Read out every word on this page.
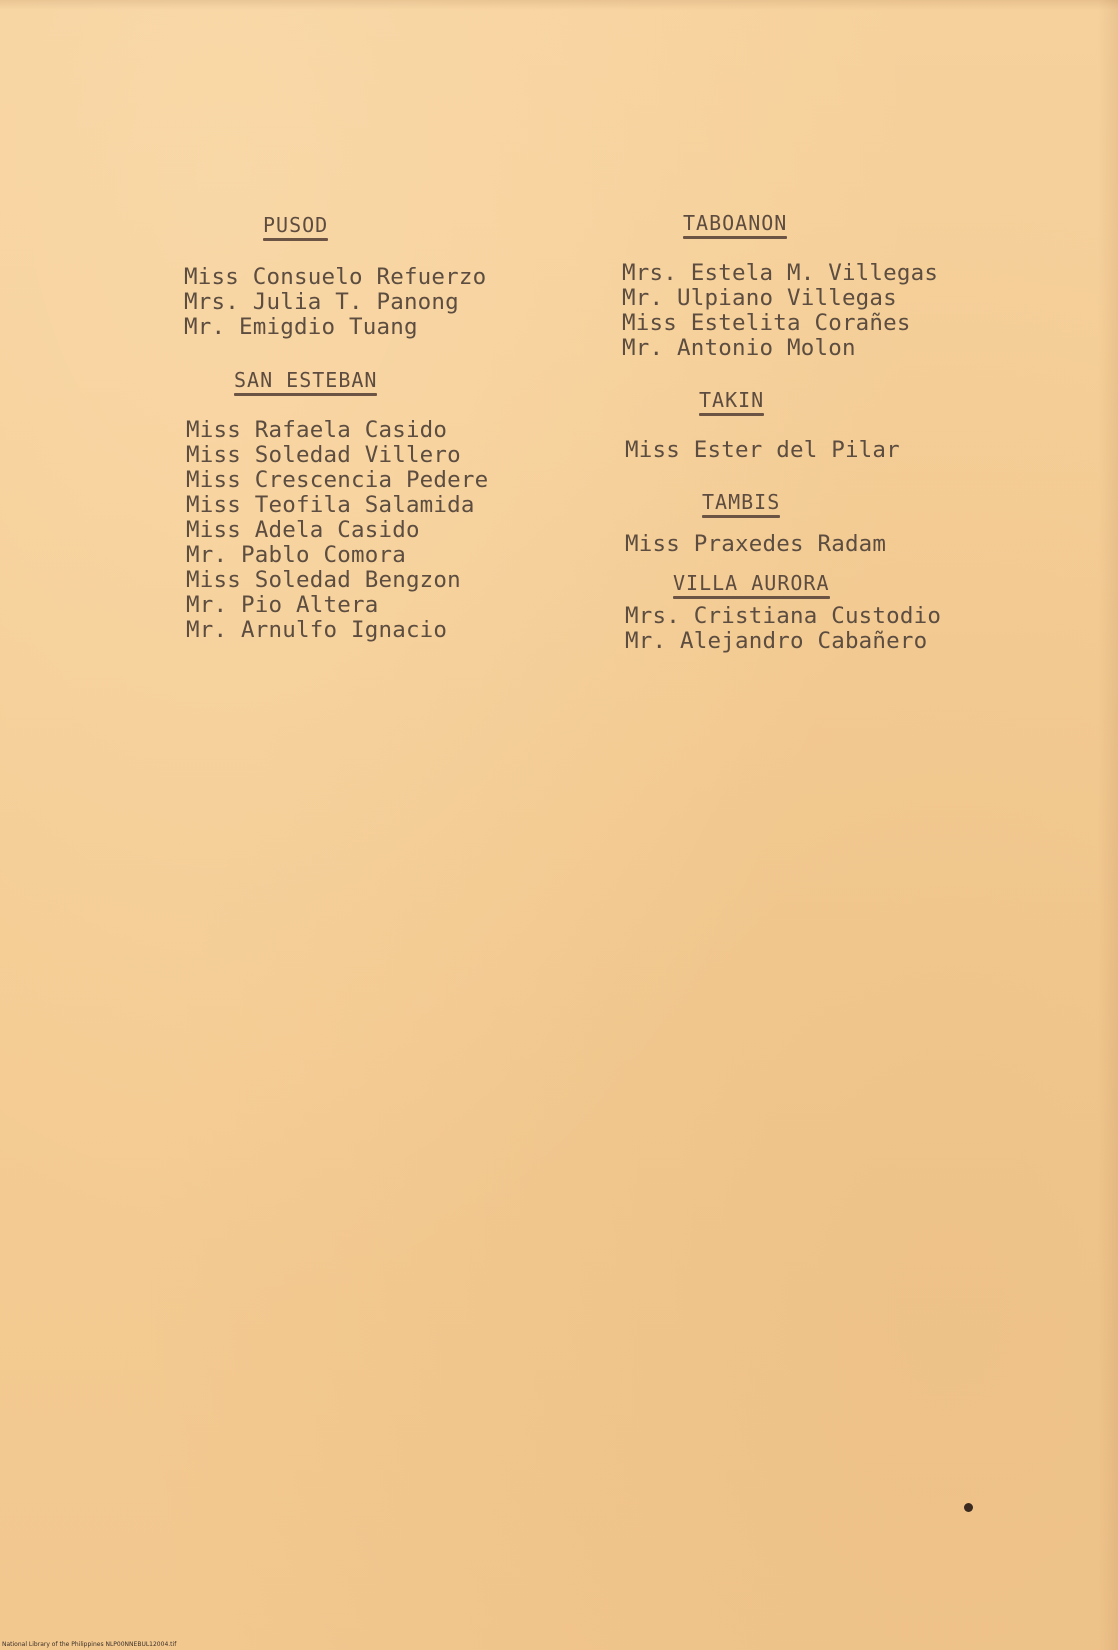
PUSOD
Miss Consuelo Refuerzo
Mrs. Julia T. Panong
Mr. Emigdio Tuang
SAN ESTEBAN
Miss Rafaela Casido
Miss Soledad Villero
Miss Crescencia Pedere
Miss Teofila Salamida
Miss Adela Casido
Mr. Pablo Comora
Miss Soledad Bengzon
Mr. Pio Altera
Mr. Arnulfo Ignacio
TABOANON
Mrs. Estela M. Villegas
Mr. Ulpiano Villegas
Miss Estelita Corañes
Mr. Antonio Molon
TAKIN
Miss Ester del Pilar
TAMBIS
Miss Praxedes Radam
VILLA AURORA
Mrs. Cristiana Custodio
Mr. Alejandro Cabañero
National Library of the Philippines NLP00NNEBUL12004.tif
